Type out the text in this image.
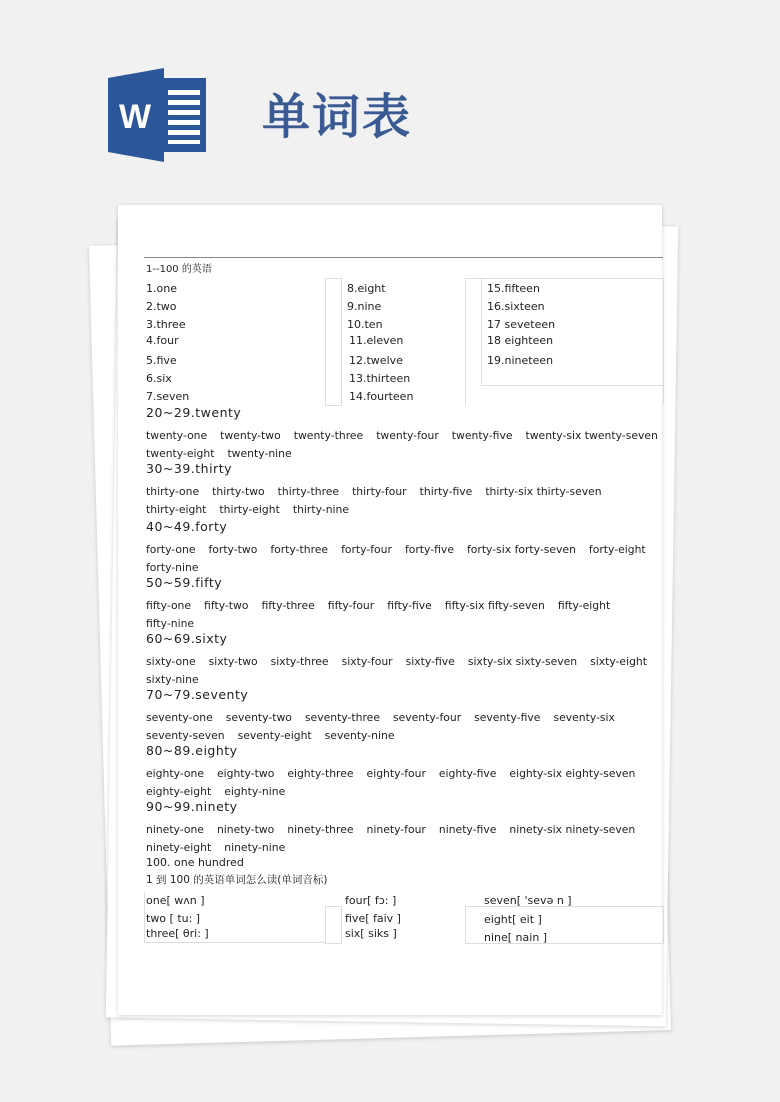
W 单词表
1--100 的英语
1.one
2.two
3.three
4.four
5.five
6.six
7.seven
8.eight
9.nine
10.ten
11.eleven
12.twelve
13.thirteen
14.fourteen
15.fifteen
16.sixteen
17 seveteen
18 eighteen
19.nineteen
20~29.twenty
twenty-one twenty-two twenty-three twenty-four twenty-five twenty-six twenty-seven
twenty-eight twenty-nine
30~39.thirty
thirty-one thirty-two thirty-three thirty-four thirty-five thirty-six thirty-seven
thirty-eight thirty-eight thirty-nine
40~49.forty
forty-one forty-two forty-three forty-four forty-five forty-six forty-seven forty-eight
forty-nine
50~59.fifty
fifty-one fifty-two fifty-three fifty-four fifty-five fifty-six fifty-seven fifty-eight
fifty-nine
60~69.sixty
sixty-one sixty-two sixty-three sixty-four sixty-five sixty-six sixty-seven sixty-eight
sixty-nine
70~79.seventy
seventy-one seventy-two seventy-three seventy-four seventy-five seventy-six
seventy-seven seventy-eight seventy-nine
80~89.eighty
eighty-one eighty-two eighty-three eighty-four eighty-five eighty-six eighty-seven
eighty-eight eighty-nine
90~99.ninety
ninety-one ninety-two ninety-three ninety-four ninety-five ninety-six ninety-seven
ninety-eight ninety-nine
one[ wʌn ]
two [ tu: ]
three[ θri: ]
four[ fɔ: ]
five[ faiv ]
six[ siks ]
seven[ 'sevə n ]
eight[ eit ]
nine[ nain ]
100. one hundred
1 到 100 的英语单词怎么读(单词音标)
